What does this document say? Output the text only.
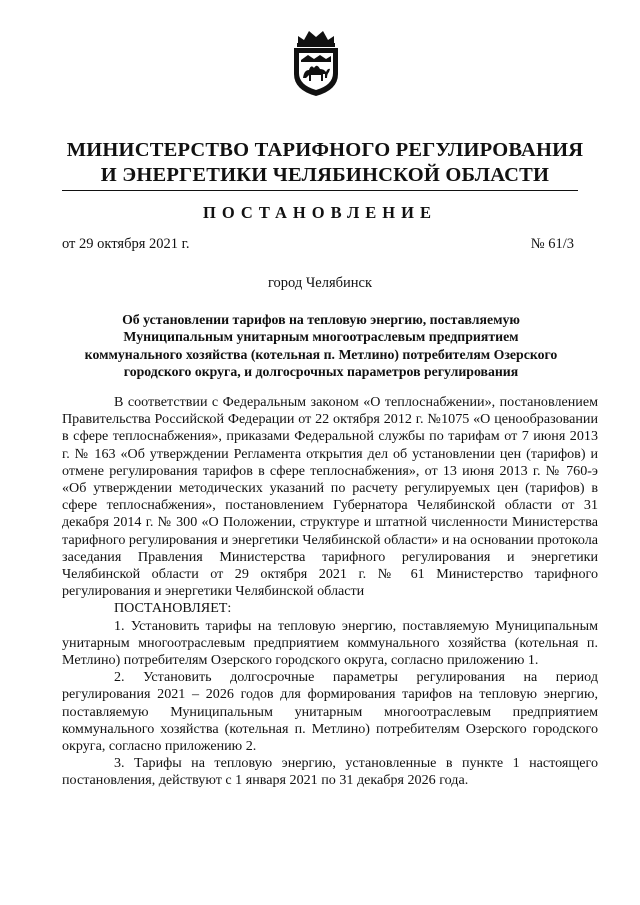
МИНИСТЕРСТВО ТАРИФНОГО РЕГУЛИРОВАНИЯ
И ЭНЕРГЕТИКИ ЧЕЛЯБИНСКОЙ ОБЛАСТИ
ПОСТАНОВЛЕНИЕ
от 29 октября 2021 г.	№ 61/3
город Челябинск
Об установлении тарифов на тепловую энергию, поставляемую
Муниципальным унитарным многоотраслевым предприятием
коммунального хозяйства (котельная п. Метлино) потребителям Озерского
городского округа, и долгосрочных параметров регулирования

В соответствии с Федеральным законом «О теплоснабжении», постановлением Правительства Российской Федерации от 22 октября 2012 г. №1075 «О ценообразовании в сфере теплоснабжения», приказами Федеральной службы по тарифам от 7 июня 2013 г. № 163 «Об утверждении Регламента открытия дел об установлении цен (тарифов) и отмене регулирования тарифов в сфере теплоснабжения», от 13 июня 2013 г. № 760-э «Об утверждении методических указаний по расчету регулируемых цен (тарифов) в сфере теплоснабжения», постановлением Губернатора Челябинской области от 31 декабря 2014 г. № 300 «О Положении, структуре и штатной численности Министерства тарифного регулирования и энергетики Челябинской области» и на основании протокола заседания Правления Министерства тарифного регулирования и энергетики Челябинской области от 29 октября 2021 г. № 61 Министерство тарифного регулирования и энергетики Челябинской области

ПОСТАНОВЛЯЕТ:

1. Установить тарифы на тепловую энергию, поставляемую Муниципальным унитарным многоотраслевым предприятием коммунального хозяйства (котельная п. Метлино) потребителям Озерского городского округа, согласно приложению 1.

2. Установить долгосрочные параметры регулирования на период регулирования 2021 – 2026 годов для формирования тарифов на тепловую энергию, поставляемую Муниципальным унитарным многоотраслевым предприятием коммунального хозяйства (котельная п. Метлино) потребителям Озерского городского округа, согласно приложению 2.

3. Тарифы на тепловую энергию, установленные в пункте 1 настоящего постановления, действуют с 1 января 2021 по 31 декабря 2026 года.
